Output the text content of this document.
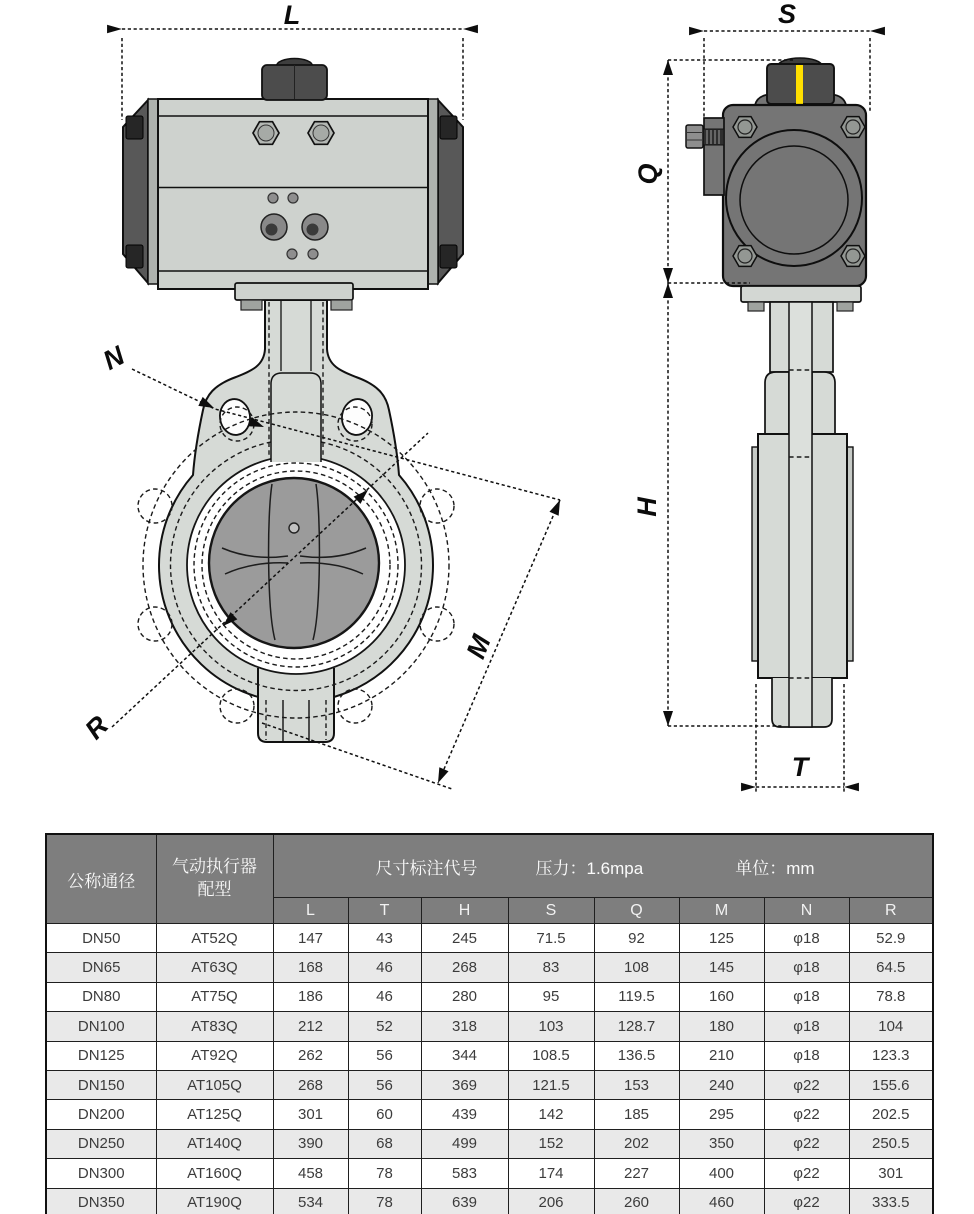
L
N
M
R
S
Q
H
T
公称通径	
气动执行器
配型

尺寸标注代号	压力：1.6mpa	单位：mm

		L	T	H	S	Q	M	N	R
DN50	AT52Q	147	43	245	71.5	92	125	φ18	52.9
DN65	AT63Q	168	46	268	83	108	145	φ18	64.5
DN80	AT75Q	186	46	280	95	119.5	160	φ18	78.8
DN100	AT83Q	212	52	318	103	128.7	180	φ18	104
DN125	AT92Q	262	56	344	108.5	136.5	210	φ18	123.3
DN150	AT105Q	268	56	369	121.5	153	240	φ22	155.6
DN200	AT125Q	301	60	439	142	185	295	φ22	202.5
DN250	AT140Q	390	68	499	152	202	350	φ22	250.5
DN300	AT160Q	458	78	583	174	227	400	φ22	301
DN350	AT190Q	534	78	639	206	260	460	φ22	333.5
